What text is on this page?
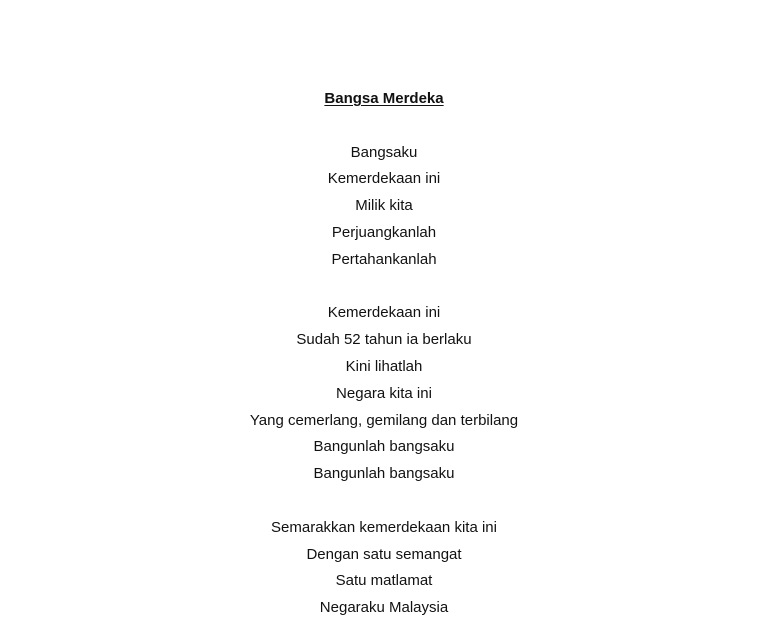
Bangsa Merdeka
Bangsaku
Kemerdekaan ini
Milik kita
Perjuangkanlah
Pertahankanlah
Kemerdekaan ini
Sudah 52 tahun ia berlaku
Kini lihatlah
Negara kita ini
Yang cemerlang, gemilang dan terbilang
Bangunlah bangsaku
Bangunlah bangsaku
Semarakkan kemerdekaan kita ini
Dengan satu semangat
Satu matlamat
Negaraku Malaysia
